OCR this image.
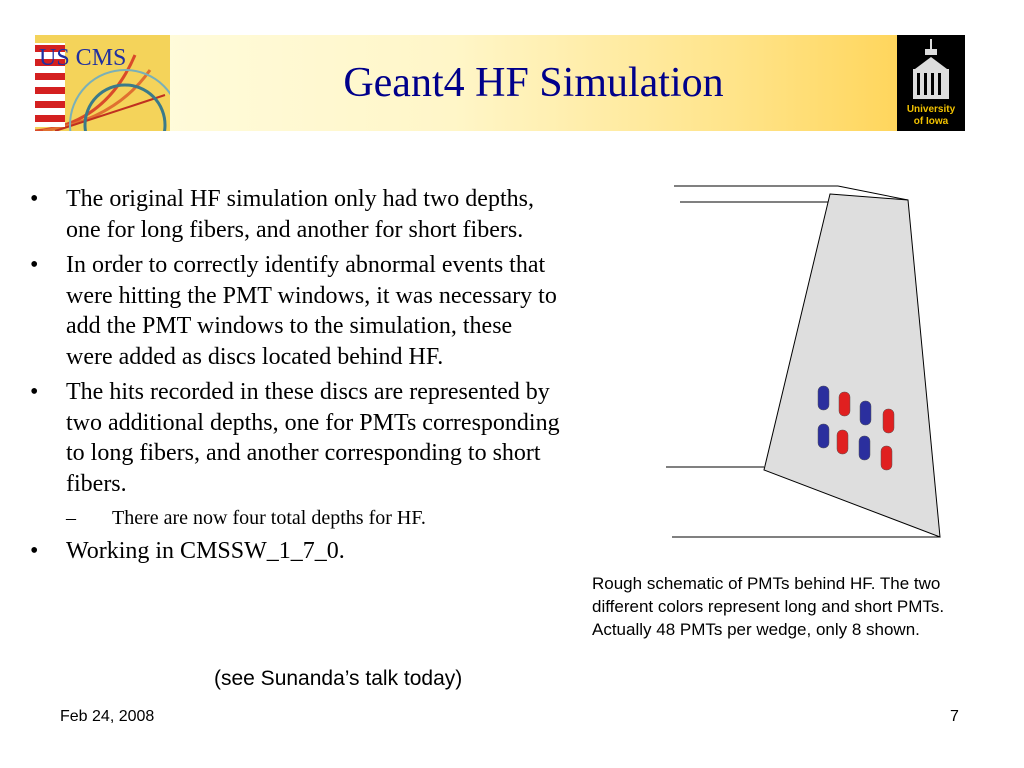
US CMS
University
of Iowa
Geant4 HF Simulation
• The original HF simulation only had two depths, one for long fibers, and another for short fibers.
• In order to correctly identify abnormal events that were hitting the PMT windows, it was necessary to add the PMT windows to the simulation, these were added as discs located behind HF.
• The hits recorded in these discs are represented by two additional depths, one for PMTs corresponding to long fibers, and another corresponding to short fibers.
– There are now four total depths for HF.
• Working in CMSSW_1_7_0.
(see Sunanda’s talk today)
Rough schematic of PMTs behind HF. The two different colors represent long and short PMTs. Actually 48 PMTs per wedge, only 8 shown.
Feb 24, 2008	7
